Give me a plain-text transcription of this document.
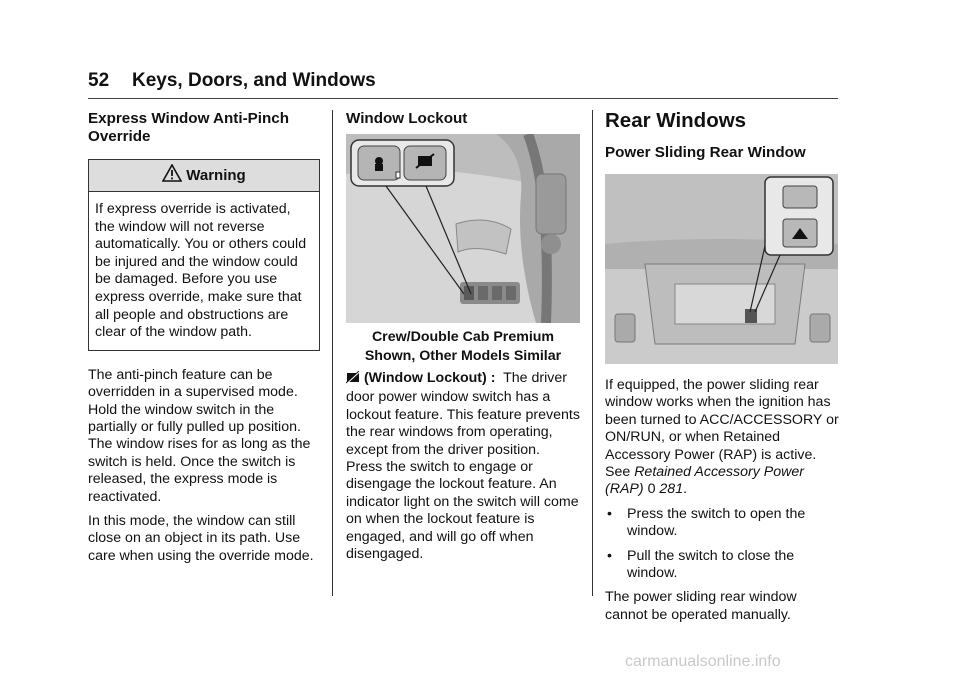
52 Keys, Doors, and Windows
Express Window Anti-Pinch Override
Warning
If express override is activated, the window will not reverse automatically. You or others could be injured and the window could be damaged. Before you use express override, make sure that all people and obstructions are clear of the window path.

The anti-pinch feature can be overridden in a supervised mode. Hold the window switch in the partially or fully pulled up position. The window rises for as long as the switch is held. Once the switch is released, the express mode is reactivated.

In this mode, the window can still close on an object in its path. Use care when using the override mode.

Window Lockout

Crew/Double Cab Premium Shown, Other Models Similar

(Window Lockout) : The driver door power window switch has a lockout feature. This feature prevents the rear windows from operating, except from the driver position. Press the switch to engage or disengage the lockout feature. An indicator light on the switch will come on when the lockout feature is engaged, and will go off when disengaged.

Rear Windows
Power Sliding Rear Window

If equipped, the power sliding rear window works when the ignition has been turned to ACC/ACCESSORY or ON/RUN, or when Retained Accessory Power (RAP) is active. See Retained Accessory Power (RAP) 0 281.

•	Press the switch to open the window.
•	Pull the switch to close the window.

The power sliding rear window cannot be operated manually.

carmanualsonline.info
